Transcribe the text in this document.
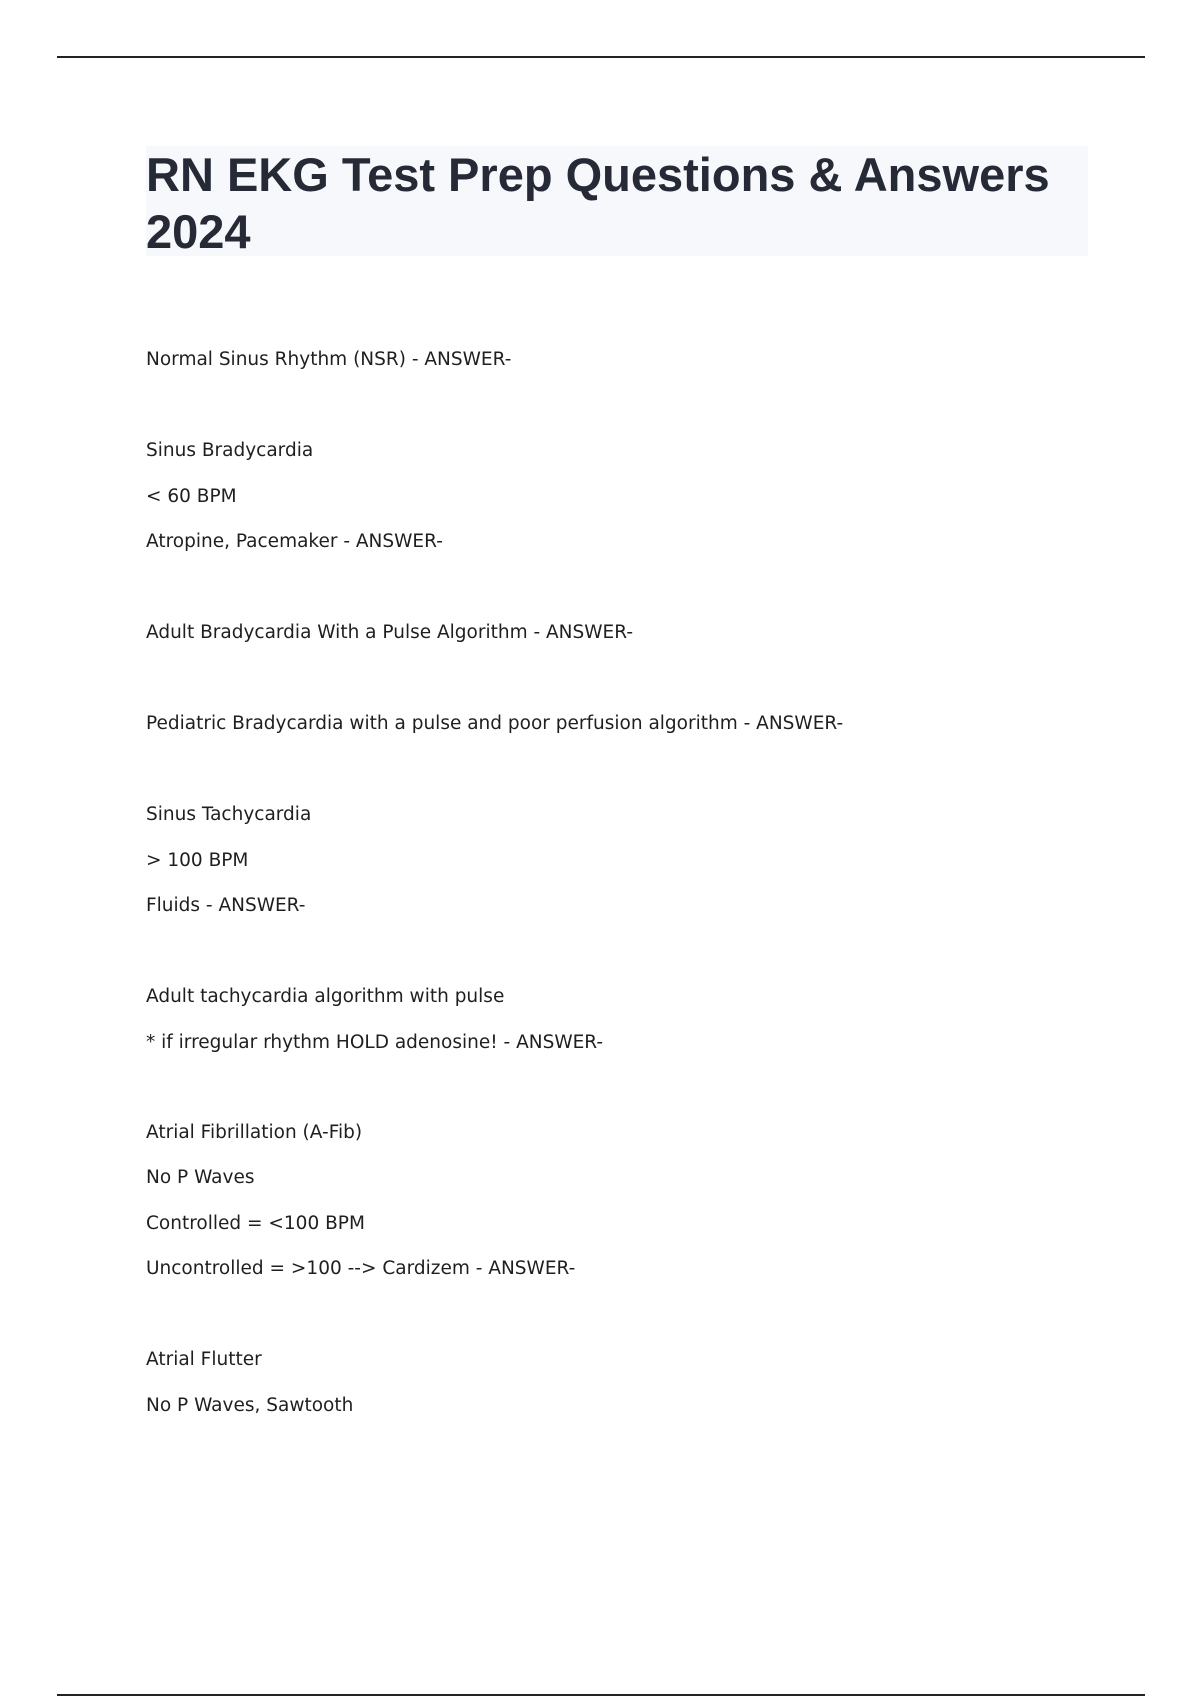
RN EKG Test Prep Questions & Answers 2024
Normal Sinus Rhythm (NSR) - ANSWER-
Sinus Bradycardia
< 60 BPM
Atropine, Pacemaker - ANSWER-
Adult Bradycardia With a Pulse Algorithm - ANSWER-
Pediatric Bradycardia with a pulse and poor perfusion algorithm - ANSWER-
Sinus Tachycardia
> 100 BPM
Fluids - ANSWER-
Adult tachycardia algorithm with pulse
* if irregular rhythm HOLD adenosine! - ANSWER-
Atrial Fibrillation (A-Fib)
No P Waves
Controlled = <100 BPM
Uncontrolled = >100 --> Cardizem - ANSWER-
Atrial Flutter
No P Waves, Sawtooth
